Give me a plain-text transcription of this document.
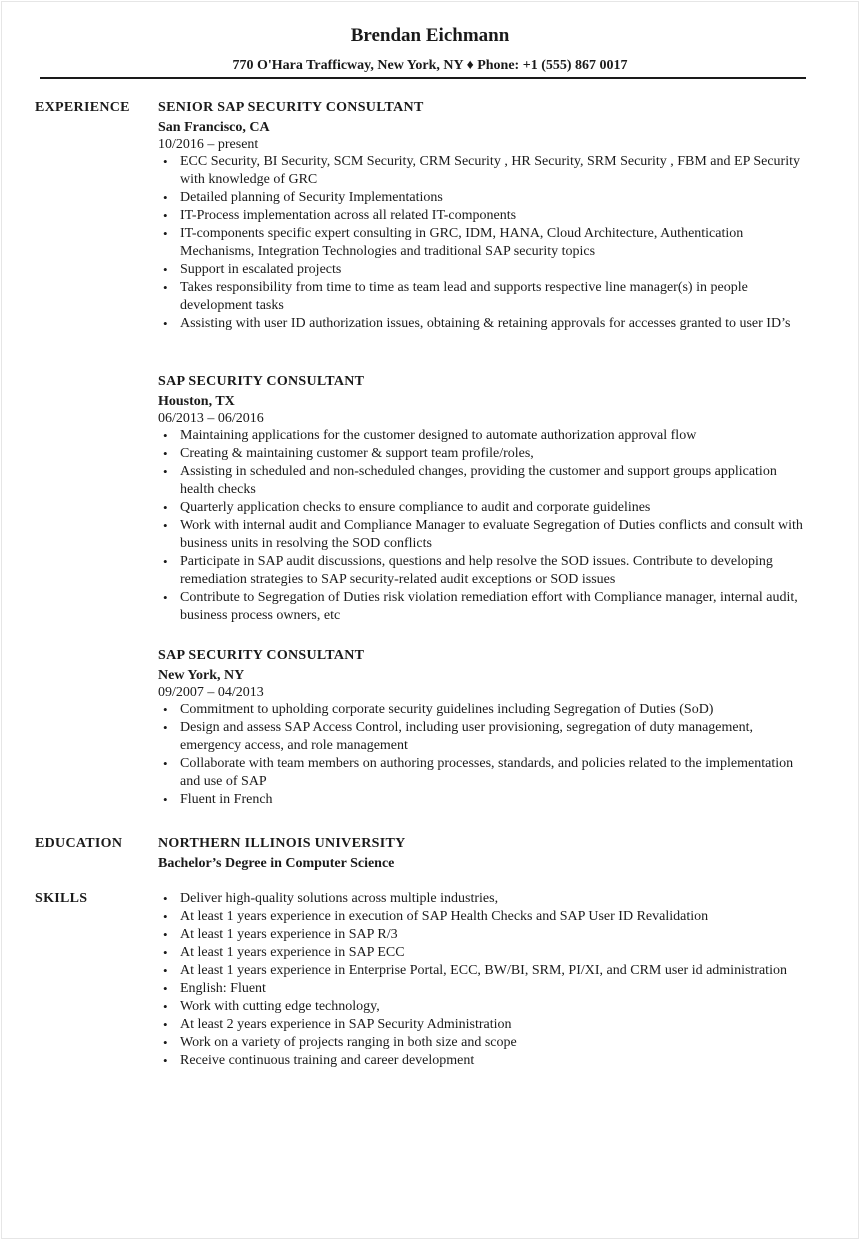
Brendan Eichmann
770 O'Hara Trafficway, New York, NY ♦ Phone: +1 (555) 867 0017
EXPERIENCE SENIOR SAP SECURITY CONSULTANT
San Francisco, CA
10/2016 – present
• ECC Security, BI Security, SCM Security, CRM Security , HR Security, SRM Security , FBM and EP Security with knowledge of GRC
• Detailed planning of Security Implementations
• IT-Process implementation across all related IT-components
• IT-components specific expert consulting in GRC, IDM, HANA, Cloud Architecture, Authentication Mechanisms, Integration Technologies and traditional SAP security topics
• Support in escalated projects
• Takes responsibility from time to time as team lead and supports respective line manager(s) in people development tasks
• Assisting with user ID authorization issues, obtaining & retaining approvals for accesses granted to user ID’s
SAP SECURITY CONSULTANT
Houston, TX
06/2013 – 06/2016
• Maintaining applications for the customer designed to automate authorization approval flow
• Creating & maintaining customer & support team profile/roles,
• Assisting in scheduled and non-scheduled changes, providing the customer and support groups application health checks
• Quarterly application checks to ensure compliance to audit and corporate guidelines
• Work with internal audit and Compliance Manager to evaluate Segregation of Duties conflicts and consult with business units in resolving the SOD conflicts
• Participate in SAP audit discussions, questions and help resolve the SOD issues. Contribute to developing remediation strategies to SAP security-related audit exceptions or SOD issues
• Contribute to Segregation of Duties risk violation remediation effort with Compliance manager, internal audit, business process owners, etc
SAP SECURITY CONSULTANT
New York, NY
09/2007 – 04/2013
• Commitment to upholding corporate security guidelines including Segregation of Duties (SoD)
• Design and assess SAP Access Control, including user provisioning, segregation of duty management, emergency access, and role management
• Collaborate with team members on authoring processes, standards, and policies related to the implementation and use of SAP
• Fluent in French
EDUCATION	NORTHERN ILLINOIS UNIVERSITY
Bachelor’s Degree in Computer Science
SKILLS
•	Deliver high-quality solutions across multiple industries,
• At least 1 years experience in execution of SAP Health Checks and SAP User ID Revalidation
• At least 1 years experience in SAP R/3
• At least 1 years experience in SAP ECC
• At least 1 years experience in Enterprise Portal, ECC, BW/BI, SRM, PI/XI, and CRM user id administration
• English: Fluent
• Work with cutting edge technology,
• At least 2 years experience in SAP Security Administration
• Work on a variety of projects ranging in both size and scope
• Receive continuous training and career development
